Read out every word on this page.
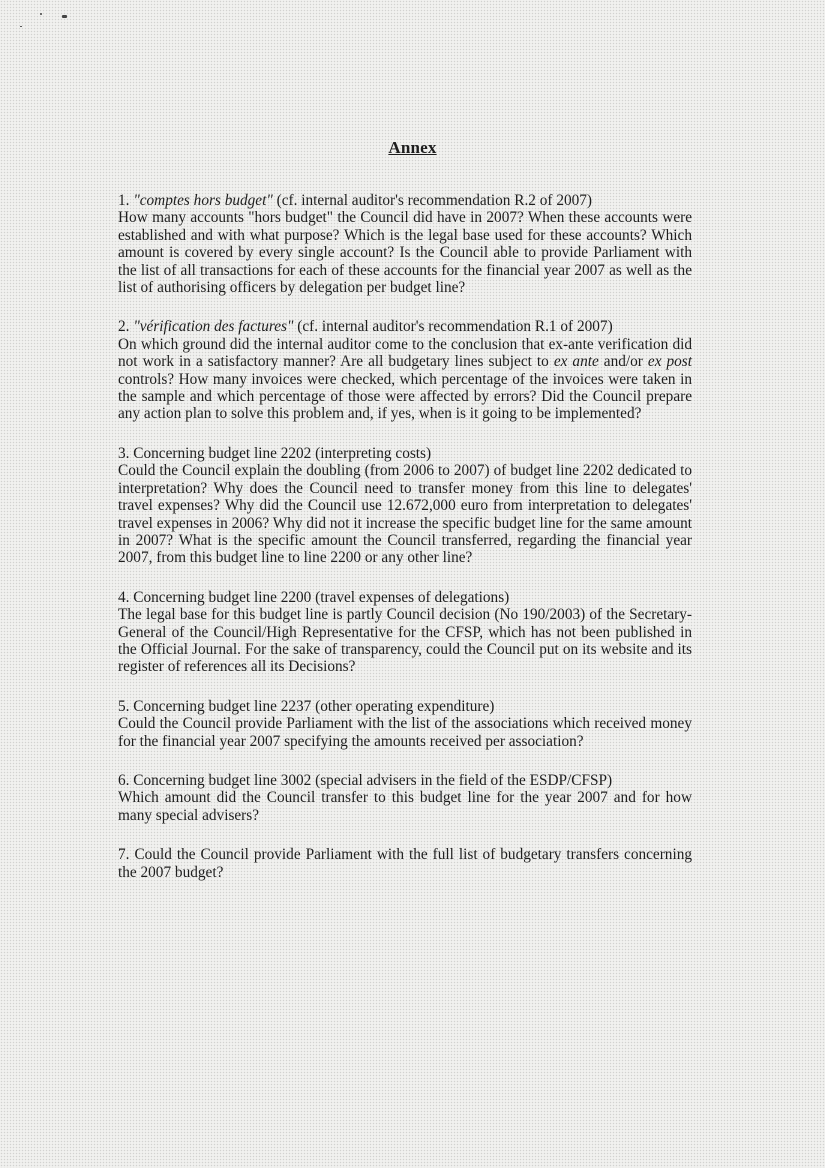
Annex
1. "comptes hors budget" (cf. internal auditor's recommendation R.2 of 2007)
How many accounts "hors budget" the Council did have in 2007? When these accounts were established and with what purpose? Which is the legal base used for these accounts? Which amount is covered by every single account? Is the Council able to provide Parliament with the list of all transactions for each of these accounts for the financial year 2007 as well as the list of authorising officers by delegation per budget line?
2. "vérification des factures" (cf. internal auditor's recommendation R.1 of 2007)
On which ground did the internal auditor come to the conclusion that ex-ante verification did not work in a satisfactory manner? Are all budgetary lines subject to ex ante and/or ex post controls? How many invoices were checked, which percentage of the invoices were taken in the sample and which percentage of those were affected by errors? Did the Council prepare any action plan to solve this problem and, if yes, when is it going to be implemented?
3. Concerning budget line 2202 (interpreting costs)
Could the Council explain the doubling (from 2006 to 2007) of budget line 2202 dedicated to interpretation? Why does the Council need to transfer money from this line to delegates' travel expenses? Why did the Council use 12.672,000 euro from interpretation to delegates' travel expenses in 2006? Why did not it increase the specific budget line for the same amount in 2007? What is the specific amount the Council transferred, regarding the financial year 2007, from this budget line to line 2200 or any other line?
4. Concerning budget line 2200 (travel expenses of delegations)
The legal base for this budget line is partly Council decision (No 190/2003) of the Secretary-General of the Council/High Representative for the CFSP, which has not been published in the Official Journal. For the sake of transparency, could the Council put on its website and its register of references all its Decisions?
5. Concerning budget line 2237 (other operating expenditure)
Could the Council provide Parliament with the list of the associations which received money for the financial year 2007 specifying the amounts received per association?
6. Concerning budget line 3002 (special advisers in the field of the ESDP/CFSP)
Which amount did the Council transfer to this budget line for the year 2007 and for how many special advisers?
7. Could the Council provide Parliament with the full list of budgetary transfers concerning the 2007 budget?
